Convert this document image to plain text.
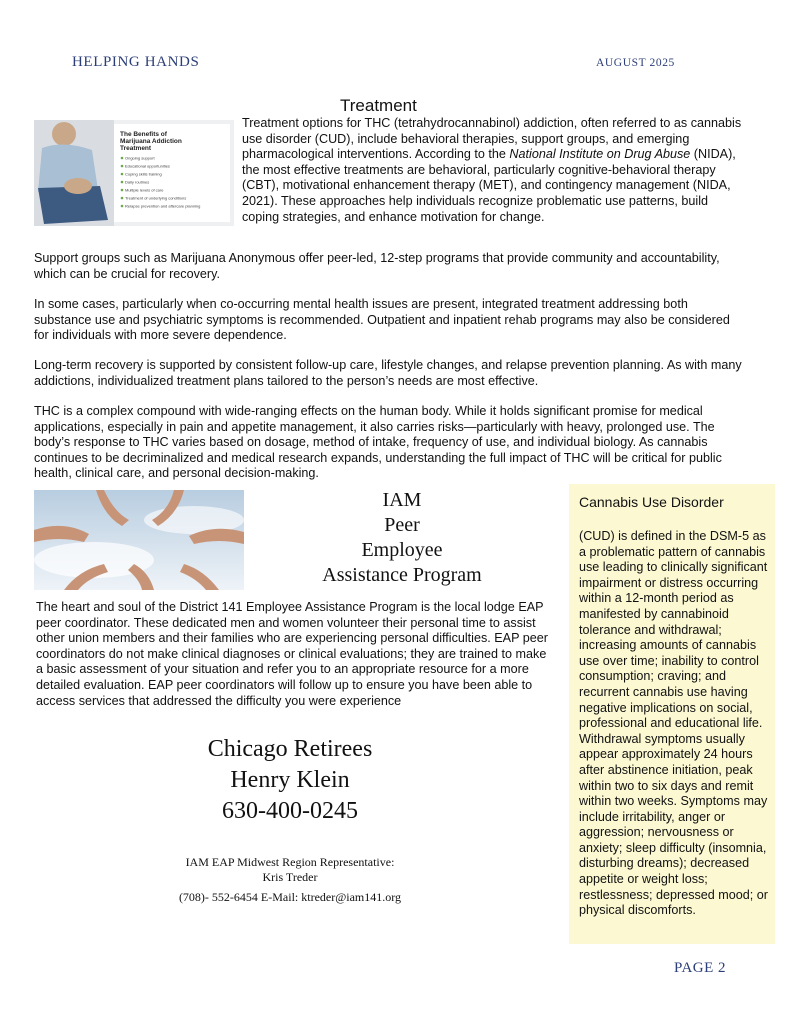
HELPING HANDS	AUGUST 2025
Treatment
The Benefits of
Marijuana Addiction
Treatment
Ongoing support
Educational opportunities
Coping skills training
Daily routines
Multiple levels of care
Treatment of underlying conditions
Relapse prevention and aftercare planning

Treatment options for THC (tetrahydrocannabinol) addiction, often referred to as cannabis use disorder (CUD), include behavioral therapies, support groups, and emerging pharmacological interventions. According to the National Institute on Drug Abuse (NIDA), the most effective treatments are behavioral, particularly cognitive-behavioral therapy (CBT), motivational enhancement therapy (MET), and contingency management (NIDA, 2021). These approaches help individuals recognize problematic use patterns, build coping strategies, and enhance motivation for change.

Support groups such as Marijuana Anonymous offer peer-led, 12-step programs that provide community and accountability, which can be crucial for recovery.

In some cases, particularly when co-occurring mental health issues are present, integrated treatment addressing both substance use and psychiatric symptoms is recommended. Outpatient and inpatient rehab programs may also be considered for individuals with more severe dependence.

Long-term recovery is supported by consistent follow-up care, lifestyle changes, and relapse prevention planning. As with many addictions, individualized treatment plans tailored to the person’s needs are most effective.

THC is a complex compound with wide-ranging effects on the human body. While it holds significant promise for medical applications, especially in pain and appetite management, it also carries risks—particularly with heavy, prolonged use. The body’s response to THC varies based on dosage, method of intake, frequency of use, and individual biology. As cannabis continues to be decriminalized and medical research expands, understanding the full impact of THC will be critical for public health, clinical care, and personal decision-making.

IAM
Peer
Employee
Assistance Program

The heart and soul of the District 141 Employee Assistance Program is the local lodge EAP peer coordinator. These dedicated men and women volunteer their personal time to assist other union members and their families who are experiencing personal difficulties. EAP peer coordinators do not make clinical diagnoses or clinical evaluations; they are trained to make a basic assessment of your situation and refer you to an appropriate resource for a more detailed evaluation. EAP peer coordinators will follow up to ensure you have been able to access services that addressed the difficulty you were experience

Chicago Retirees
Henry Klein
630-400-0245
IAM EAP Midwest Region Representative:
Kris Treder
(708)- 552-6454 E-Mail: ktreder@iam141.org
Cannabis Use Disorder

(CUD) is defined in the DSM-5 as a problematic pattern of cannabis use leading to clinically significant impairment or distress occurring within a 12-month period as manifested by cannabinoid tolerance and withdrawal; increasing amounts of cannabis use over time; inability to control consumption; craving; and recurrent cannabis use having negative implications on social, professional and educational life. Withdrawal symptoms usually appear approximately 24 hours after abstinence initiation, peak within two to six days and remit within two weeks. Symptoms may include irritability, anger or aggression; nervousness or anxiety; sleep difficulty (insomnia, disturbing dreams); decreased appetite or weight loss; restlessness; depressed mood; or physical discomforts.

PAGE 2
